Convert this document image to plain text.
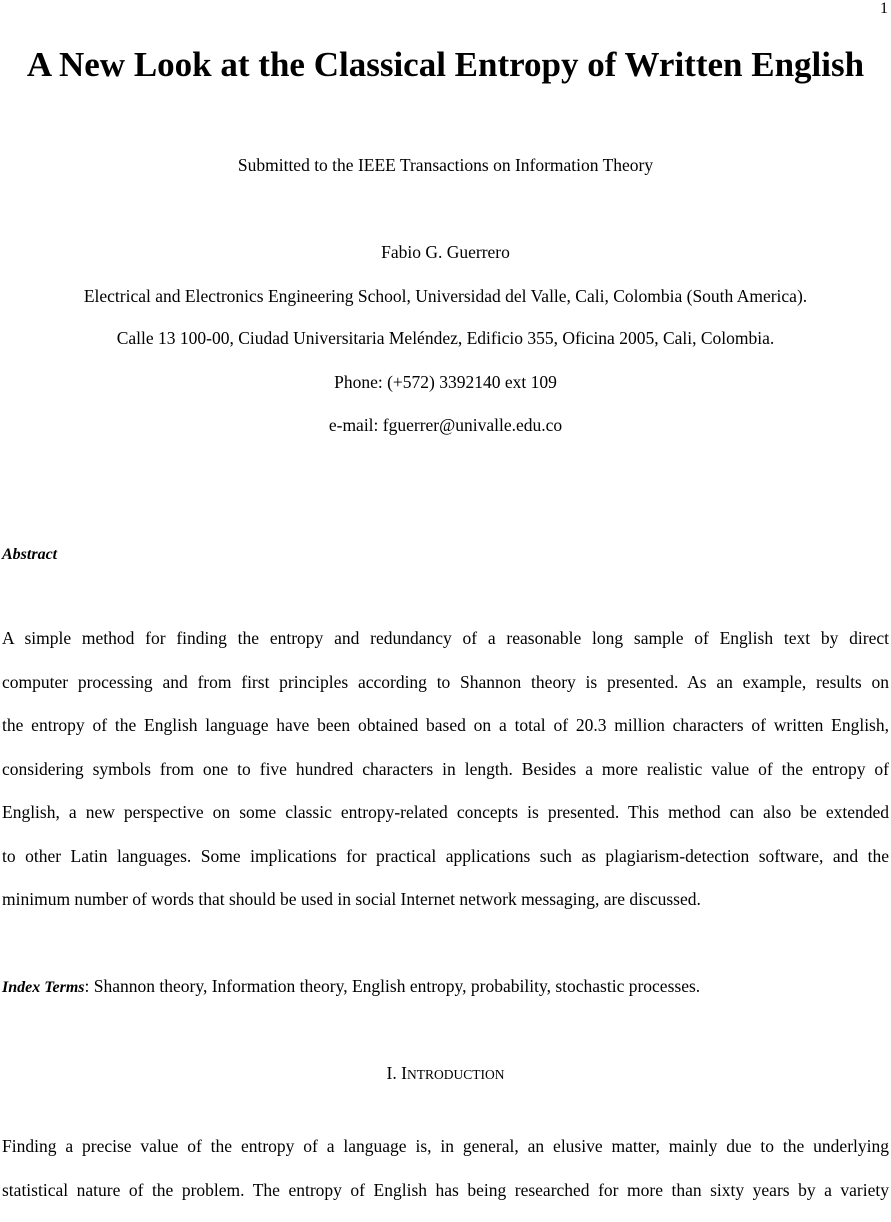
1
A New Look at the Classical Entropy of Written English

Submitted to the IEEE Transactions on Information Theory

Fabio G. Guerrero

Electrical and Electronics Engineering School, Universidad del Valle, Cali, Colombia (South America).

Calle 13 100-00, Ciudad Universitaria Meléndez, Edificio 355, Oficina 2005, Cali, Colombia.

Phone: (+572) 3392140 ext 109

e-mail: fguerrer@univalle.edu.co

Abstract

A simple method for finding the entropy and redundancy of a reasonable long sample of English text by direct
computer processing and from first principles according to Shannon theory is presented. As an example, results on
the entropy of the English language have been obtained based on a total of 20.3 million characters of written English,
considering symbols from one to five hundred characters in length. Besides a more realistic value of the entropy of
English, a new perspective on some classic entropy-related concepts is presented. This method can also be extended
to other Latin languages. Some implications for practical applications such as plagiarism-detection software, and the
minimum number of words that should be used in social Internet network messaging, are discussed.

Index Terms: Shannon theory, Information theory, English entropy, probability, stochastic processes.

I. INTRODUCTION
Finding a precise value of the entropy of a language is, in general, an elusive matter, mainly due to the underlying
statistical nature of the problem. The entropy of English has being researched for more than sixty years by a variety
